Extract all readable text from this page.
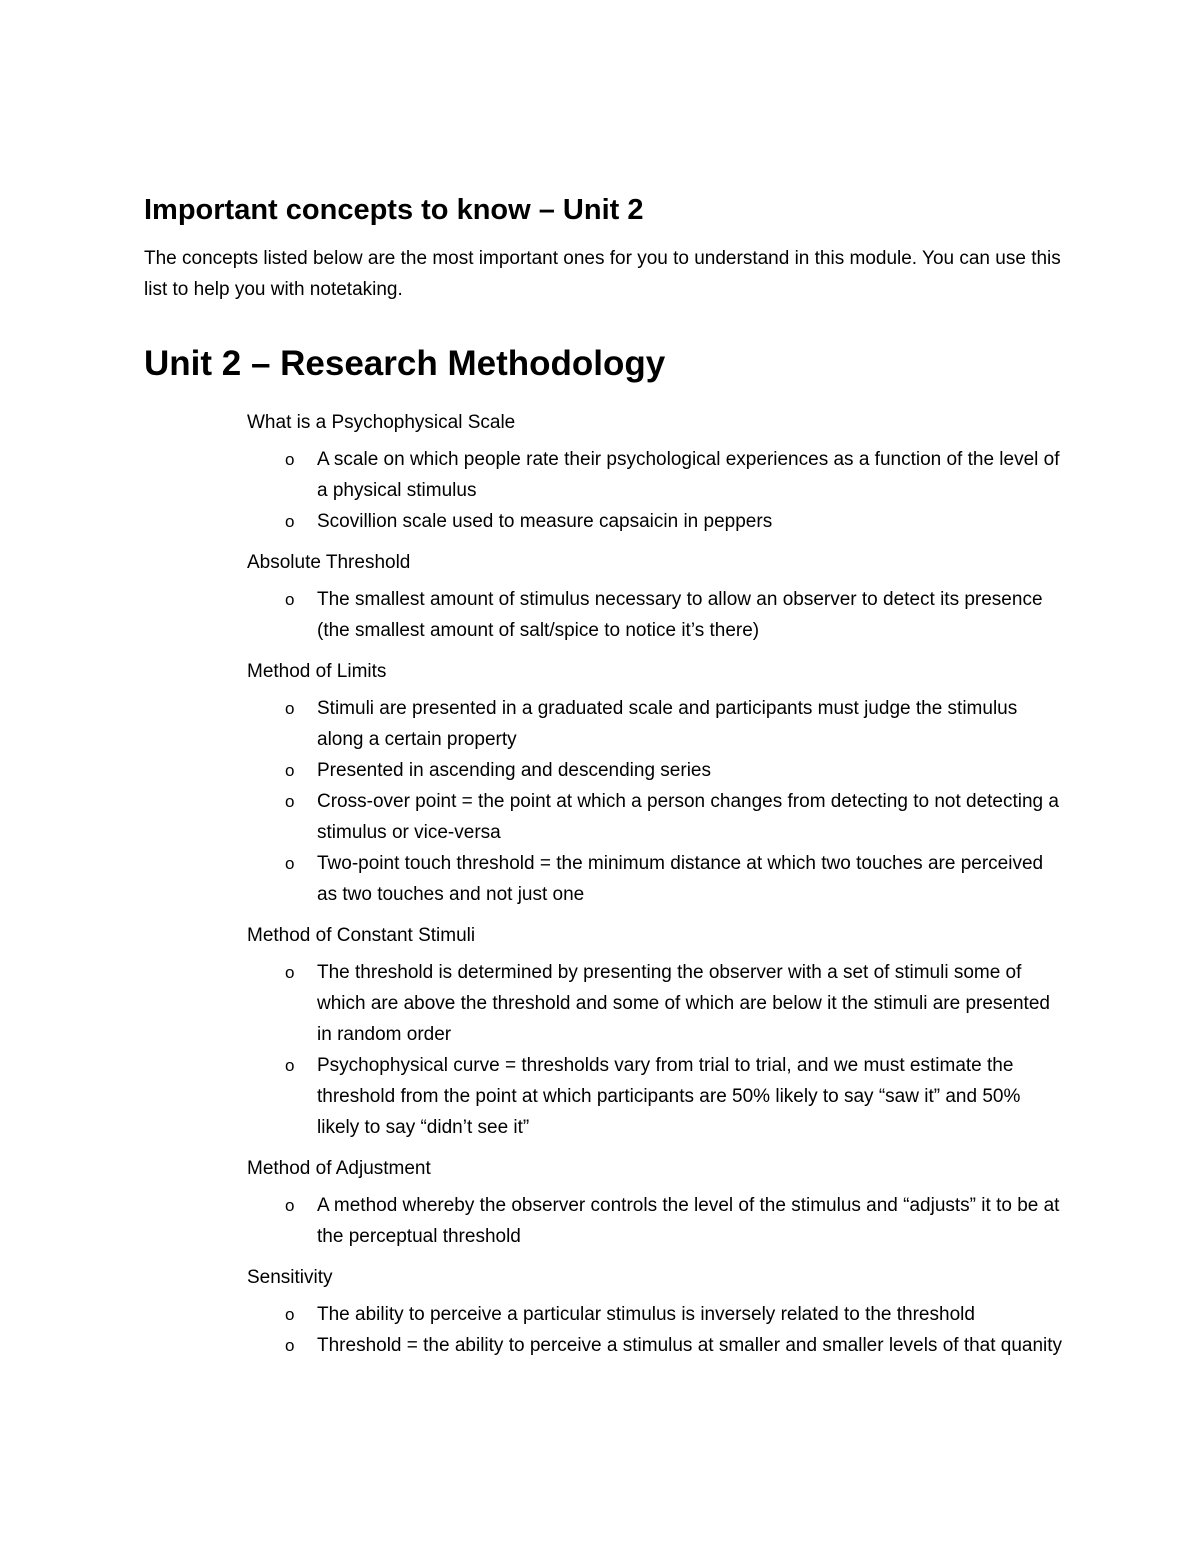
Important concepts to know – Unit 2

The concepts listed below are the most important ones for you to understand in this module. You can use this list to help you with notetaking.

Unit 2 – Research Methodology
What is a Psychophysical Scale
o A scale on which people rate their psychological experiences as a function of the level of a physical stimulus
o Scovillion scale used to measure capsaicin in peppers
Absolute Threshold
o The smallest amount of stimulus necessary to allow an observer to detect its presence (the smallest amount of salt/spice to notice it’s there)
Method of Limits
o Stimuli are presented in a graduated scale and participants must judge the stimulus along a certain property
o Presented in ascending and descending series
o Cross-over point = the point at which a person changes from detecting to not detecting a stimulus or vice-versa
o Two-point touch threshold = the minimum distance at which two touches are perceived as two touches and not just one
Method of Constant Stimuli
o The threshold is determined by presenting the observer with a set of stimuli some of which are above the threshold and some of which are below it the stimuli are presented in random order
o Psychophysical curve = thresholds vary from trial to trial, and we must estimate the threshold from the point at which participants are 50% likely to say “saw it” and 50% likely to say “didn’t see it”
Method of Adjustment
o A method whereby the observer controls the level of the stimulus and “adjusts” it to be at the perceptual threshold
Sensitivity
o The ability to perceive a particular stimulus is inversely related to the threshold
o Threshold = the ability to perceive a stimulus at smaller and smaller levels of that quanity
